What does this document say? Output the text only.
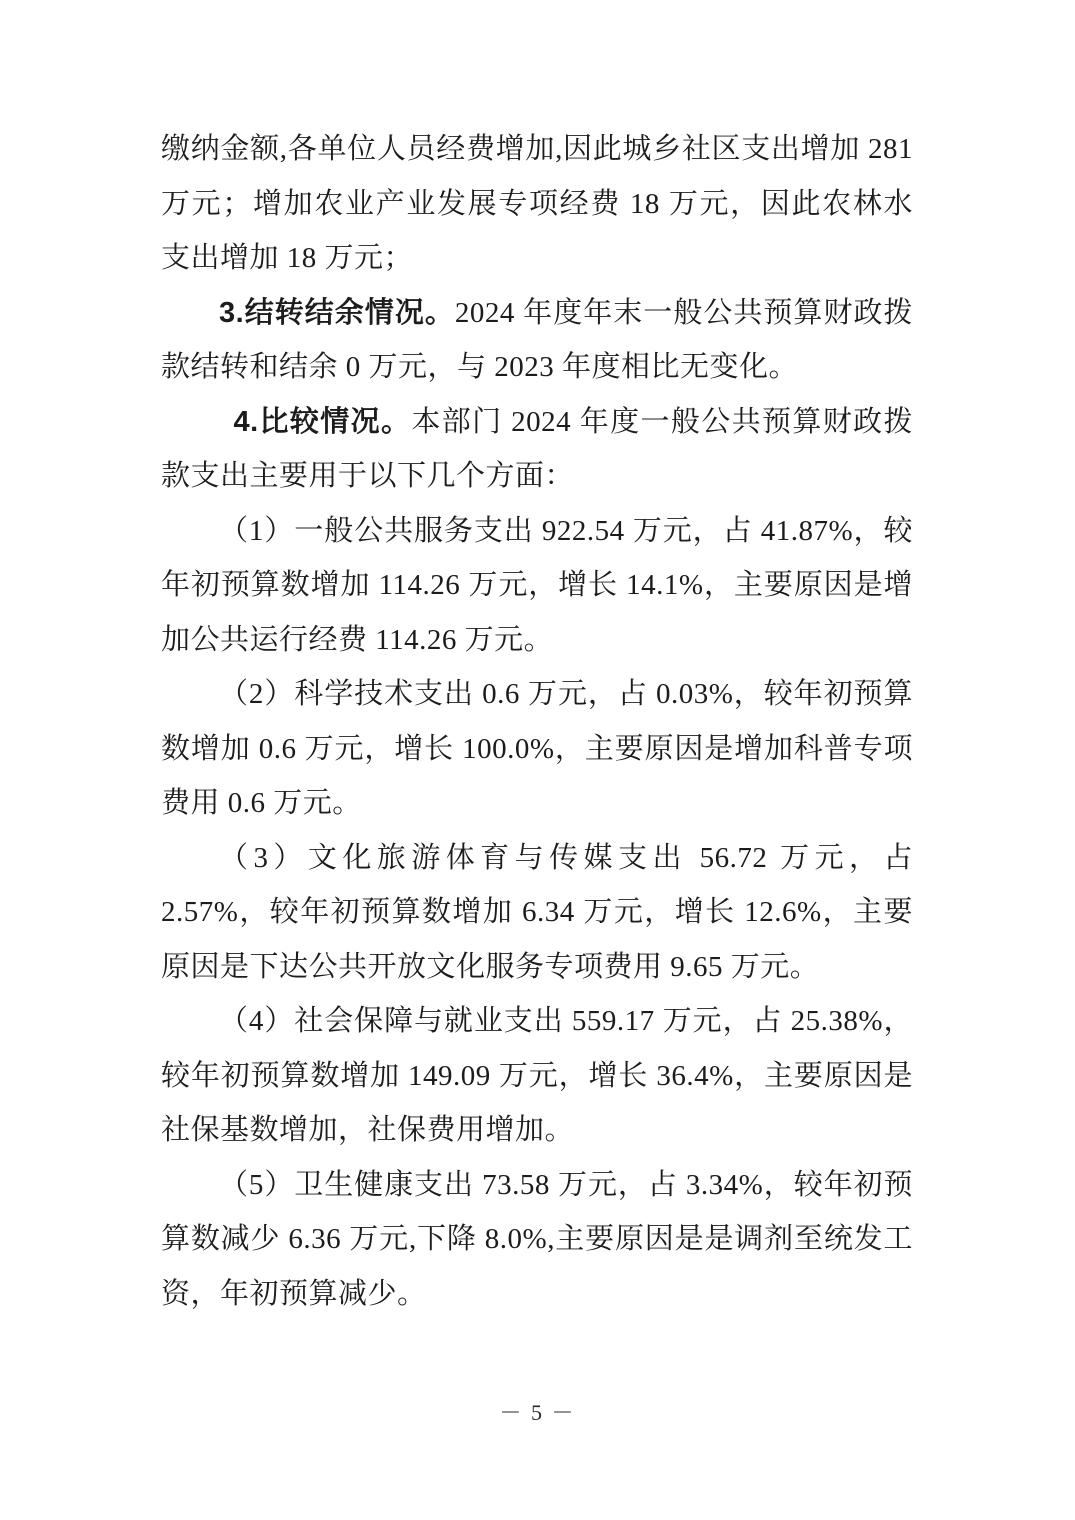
缴纳金额,各单位人员经费增加,因此城乡社区支出增加 281 万元；增加农业产业发展专项经费 18 万元，因此农林水支出增加 18 万元；

3.结转结余情况。2024 年度年末一般公共预算财政拨款结转和结余 0 万元，与 2023 年度相比无变化。

4.比较情况。本部门 2024 年度一般公共预算财政拨款支出主要用于以下几个方面：

（1）一般公共服务支出 922.54 万元，占 41.87%，较年初预算数增加 114.26 万元，增长 14.1%，主要原因是增加公共运行经费 114.26 万元。

（2）科学技术支出 0.6 万元，占 0.03%，较年初预算数增加 0.6 万元，增长 100.0%，主要原因是增加科普专项费用 0.6 万元。

（3）文化旅游体育与传媒支出 56.72 万元，占 2.57%，较年初预算数增加 6.34 万元，增长 12.6%，主要原因是下达公共开放文化服务专项费用 9.65 万元。

（4）社会保障与就业支出 559.17 万元，占 25.38%，较年初预算数增加 149.09 万元，增长 36.4%，主要原因是社保基数增加，社保费用增加。

（5）卫生健康支出 73.58 万元，占 3.34%，较年初预算数减少 6.36 万元,下降 8.0%,主要原因是是调剂至统发工资，年初预算减少。

－ 5 －
